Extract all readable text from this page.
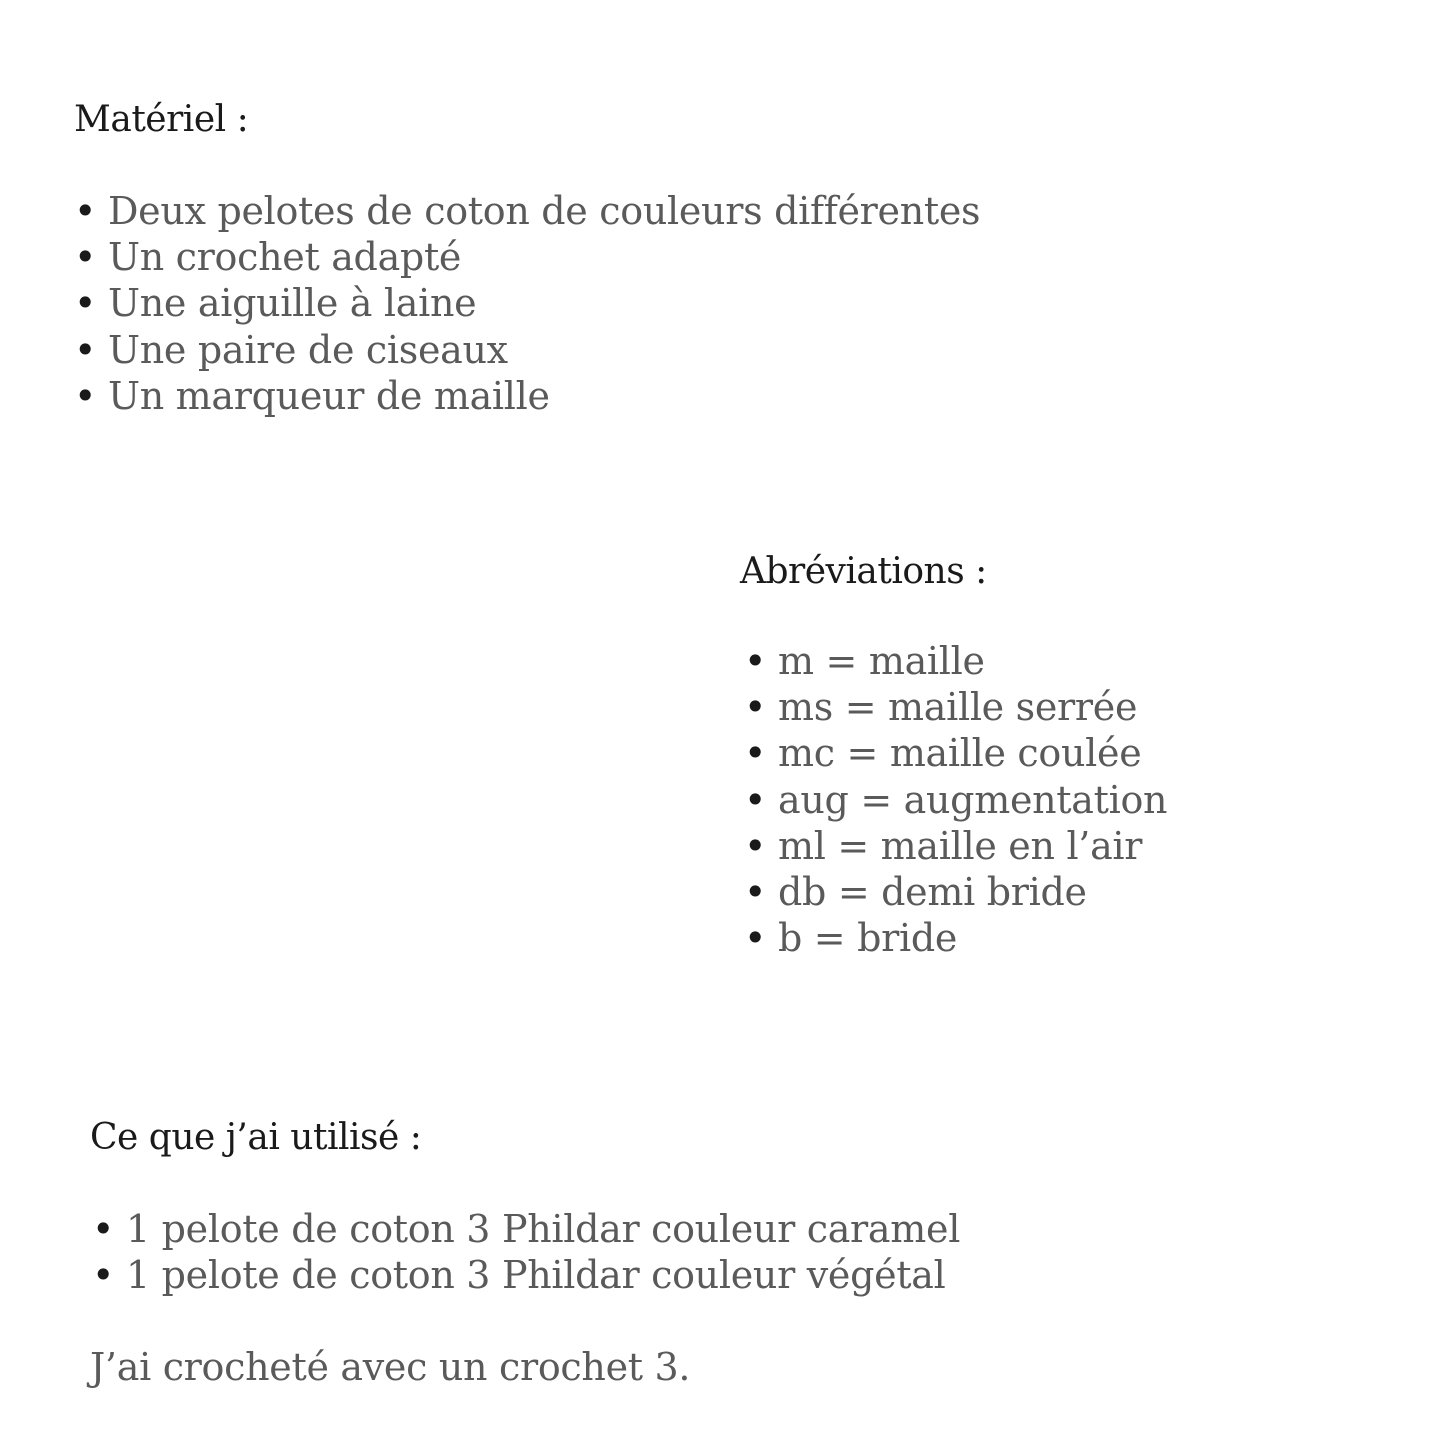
Matériel :
• Deux pelotes de coton de couleurs différentes
• Un crochet adapté
• Une aiguille à laine
• Une paire de ciseaux
• Un marqueur de maille
Abréviations :
• m = maille
• ms = maille serrée
• mc = maille coulée
• aug = augmentation
• ml = maille en l’air
• db = demi bride
• b = bride
Ce que j’ai utilisé :
• 1 pelote de coton 3 Phildar couleur caramel
• 1 pelote de coton 3 Phildar couleur végétal
J’ai crocheté avec un crochet 3.
